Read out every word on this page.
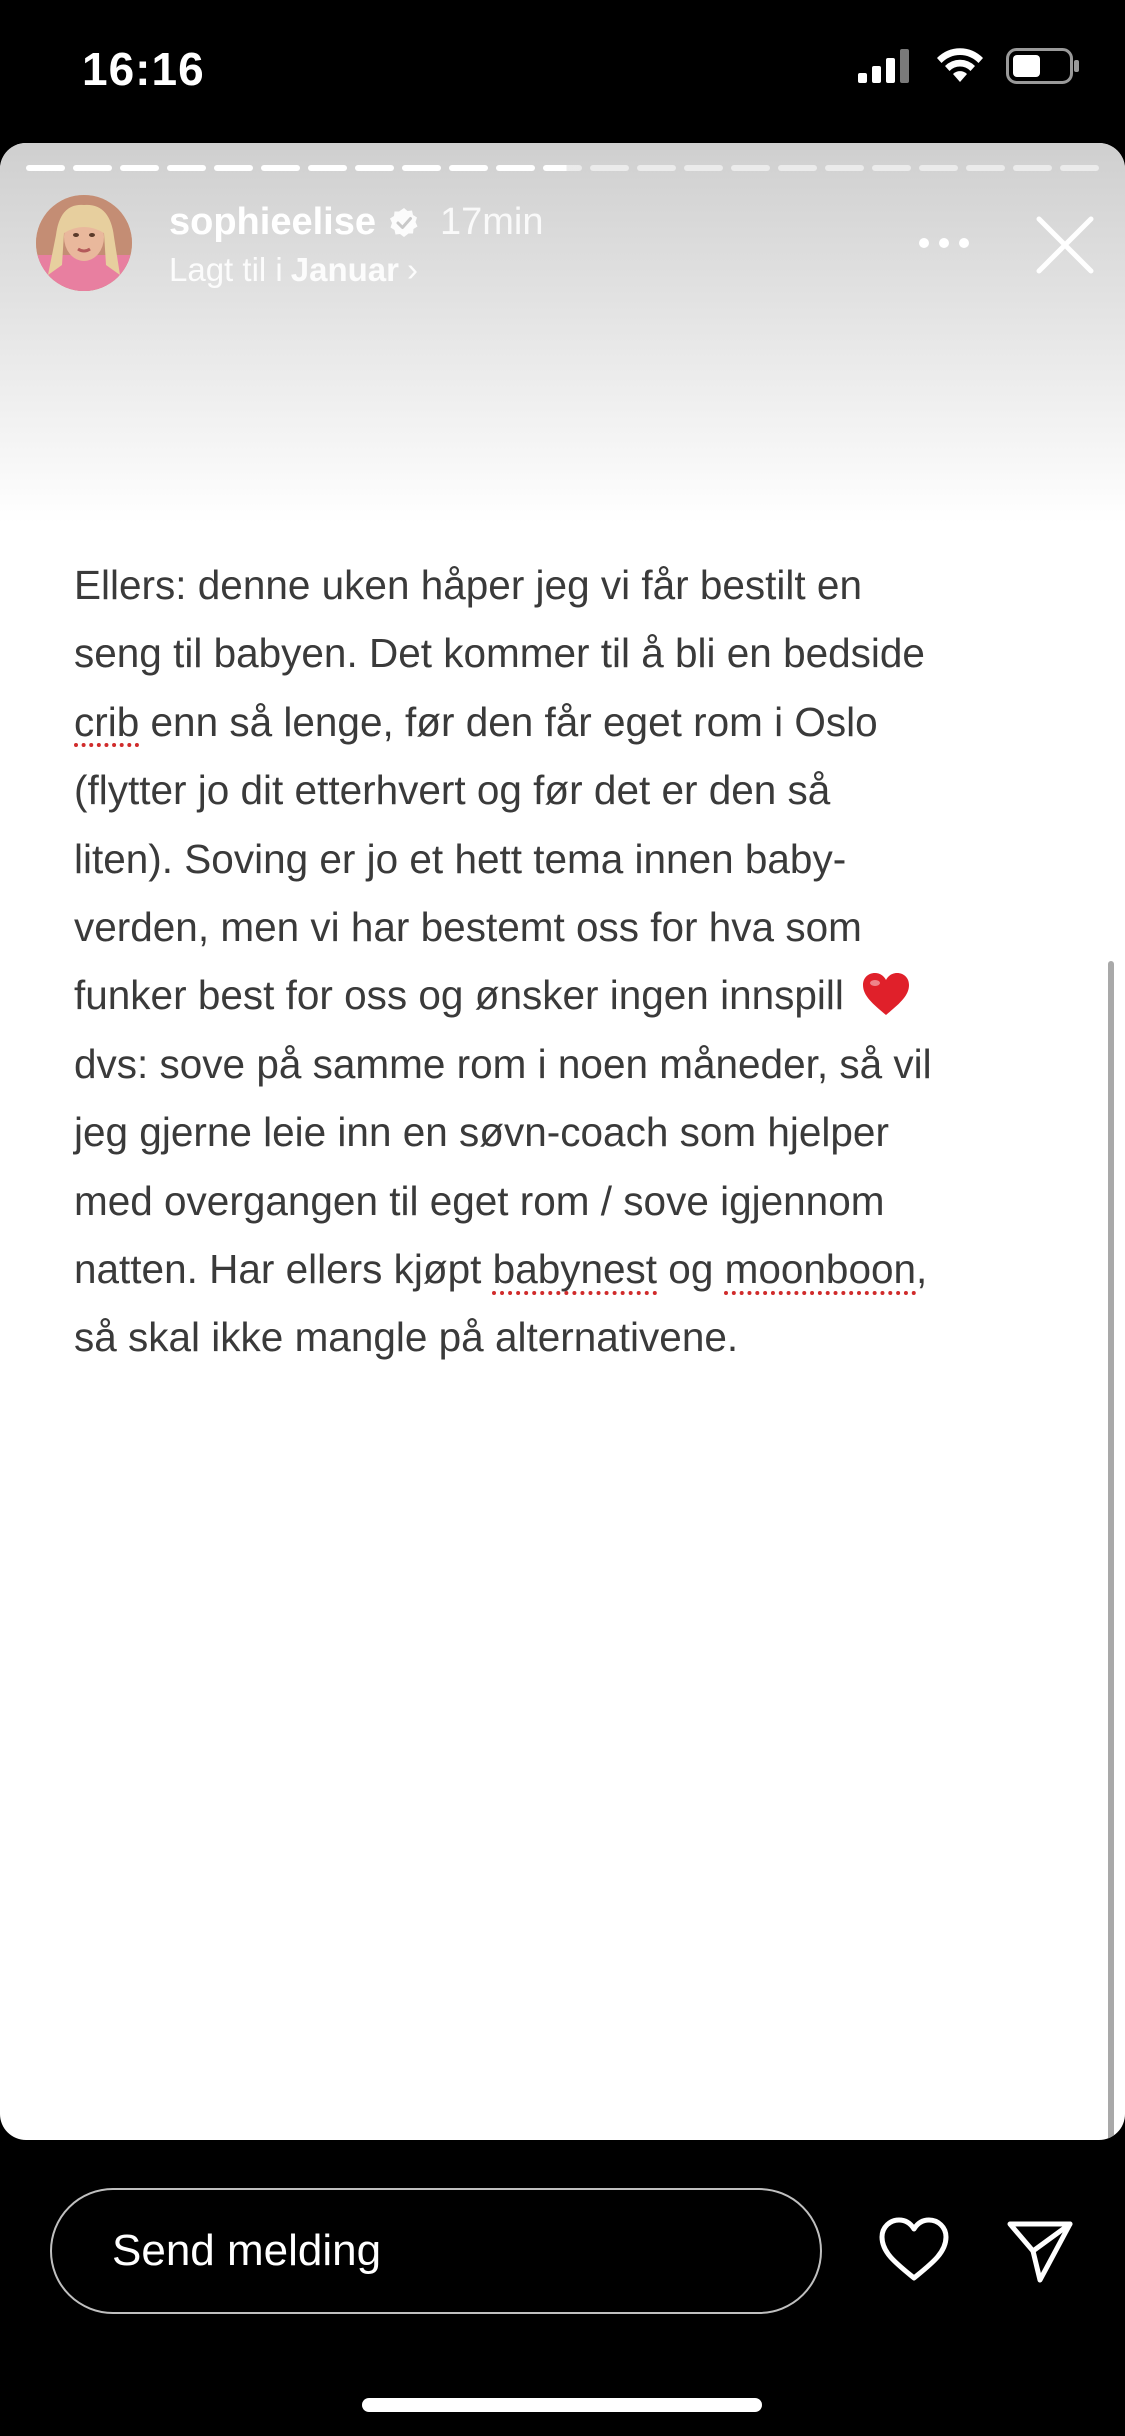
16:16
sophieelise 17min
Lagt til i Januar ›

Ellers: denne uken håper jeg vi får bestilt en
seng til babyen. Det kommer til å bli en bedside
crib enn så lenge, før den får eget rom i Oslo
(flytter jo dit etterhvert og før det er den så
liten). Soving er jo et hett tema innen baby-
verden, men vi har bestemt oss for hva som
funker best for oss og ønsker ingen innspill
dvs: sove på samme rom i noen måneder, så vil
jeg gjerne leie inn en søvn-coach som hjelper
med overgangen til eget rom / sove igjennom
natten. Har ellers kjøpt babynest og moonboon,
så skal ikke mangle på alternativene.

Send melding
